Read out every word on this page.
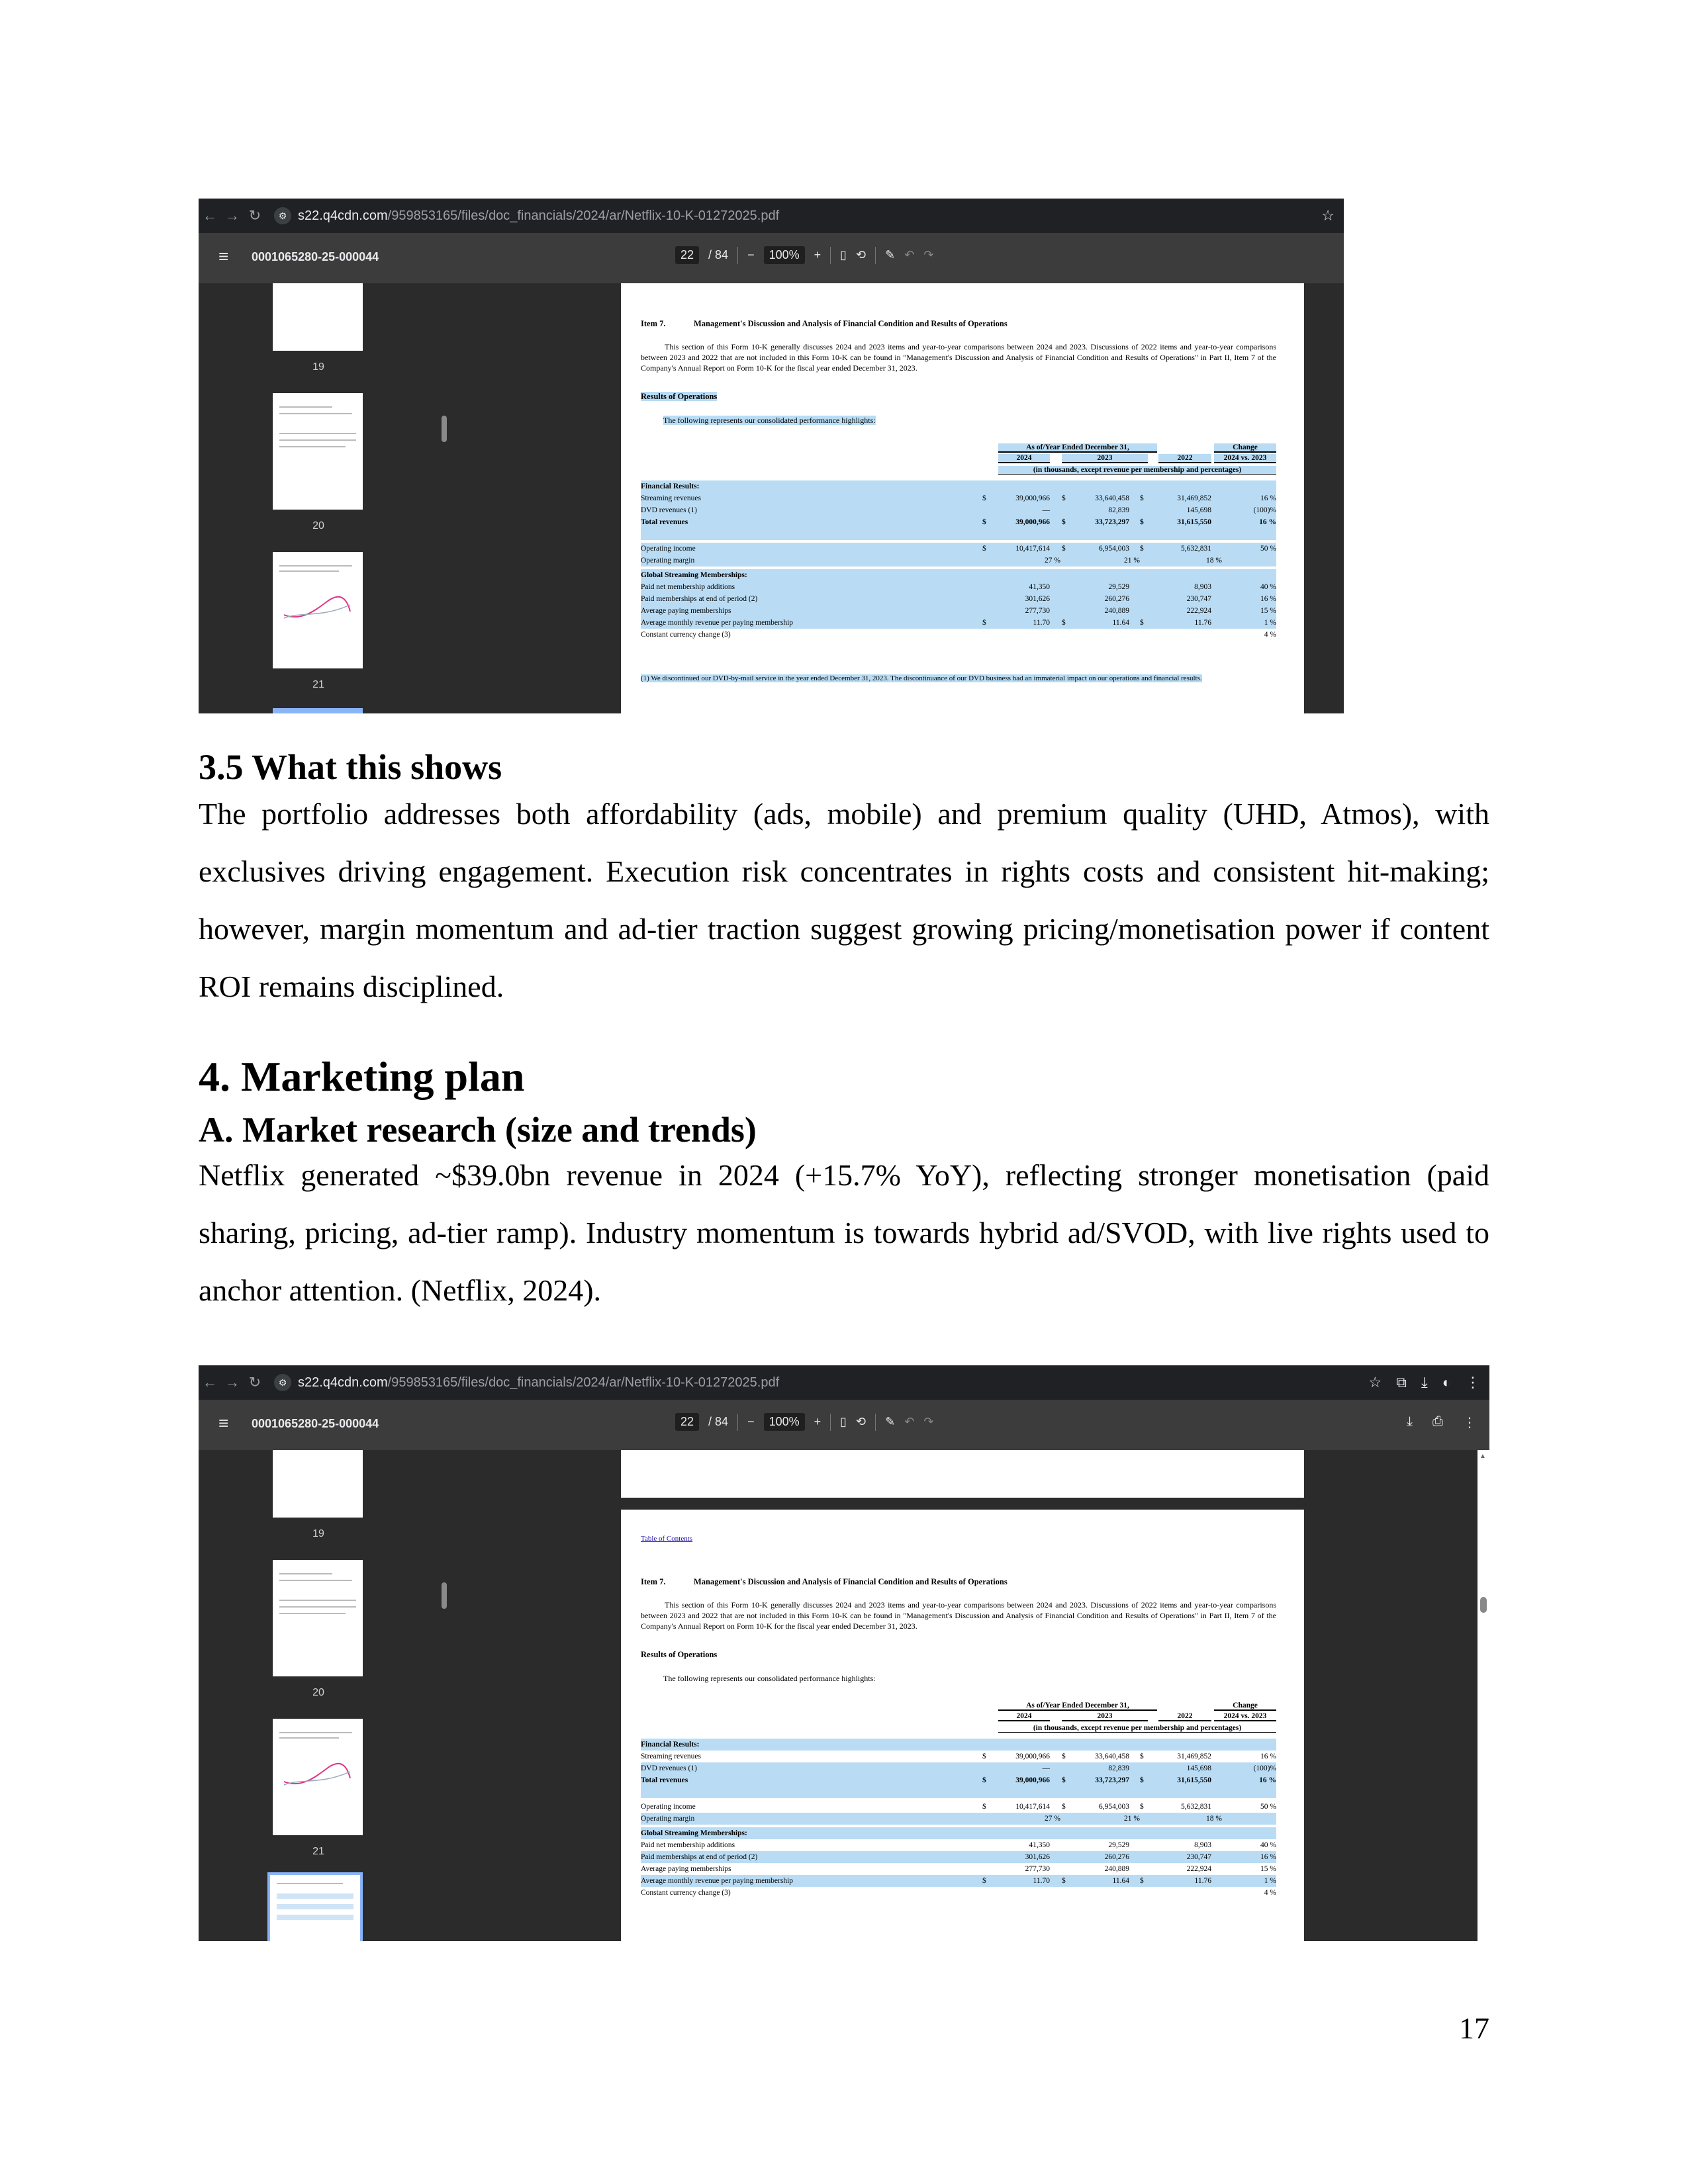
← → ↻	⚙ s22.q4cdn.com /959853165/files/doc_financials/2024/ar/Netflix-10-K-01272025.pdf	☆
≡ 0001065280-25-000044	22	/ 84 −	100%	+ ▯ ⟲ ✎ ↶ ↷
19
20
21
Item 7.	Management's Discussion and Analysis of Financial Condition and Results of Operations
This section of this Form 10-K generally discusses 2024 and 2023 items and year-to-year comparisons between 2024 and 2023. Discussions of 2022 items and year-to-year comparisons between 2023 and 2022 that are not included in this Form 10-K can be found in "Management's Discussion and Analysis of Financial Condition and Results of Operations" in Part II, Item 7 of the Company's Annual Report on Form 10-K for the fiscal year ended December 31, 2023.
Results of Operations
The following represents our consolidated performance highlights:
As of/Year Ended December 31,	Change
2024	2023	2022	2024 vs. 2023
(in thousands, except revenue per membership and percentages)
Financial Results:
Streaming revenues	$	39,000,966 $	33,640,458 $	31,469,852	16 %
DVD revenues (1)	—	82,839	145,698	(100)%
Total revenues	$	39,000,966 $	33,723,297 $	31,615,550	16 %
Operating income	$	10,417,614 $	6,954,003 $	5,632,831	50 %
Operating margin	27 %	21 %	18 %
Global Streaming Memberships:
Paid net membership additions	41,350	29,529	8,903	40 %
Paid memberships at end of period (2)	301,626	260,276	230,747	16 %
Average paying memberships	277,730	240,889	222,924	15 %
Average monthly revenue per paying membership	$	11.70 $	11.64 $	11.76	1 %
Constant currency change (3)	4 %
(1) We discontinued our DVD-by-mail service in the year ended December 31, 2023. The discontinuance of our DVD business had an immaterial impact on our operations and financial results.
3.5 What this shows
The portfolio addresses both affordability (ads, mobile) and premium quality (UHD, Atmos), with exclusives driving engagement. Execution risk concentrates in rights costs and consistent hit-making; however, margin momentum and ad-tier traction suggest growing pricing/monetisation power if content ROI remains disciplined.
4. Marketing plan
A. Market research (size and trends)
Netflix generated ~$39.0bn revenue in 2024 (+15.7% YoY), reflecting stronger monetisation (paid sharing, pricing, ad-tier ramp). Industry momentum is towards hybrid ad/SVOD, with live rights used to anchor attention. (Netflix, 2024).
← → ↻	⚙ s22.q4cdn.com /959853165/files/doc_financials/2024/ar/Netflix-10-K-01272025.pdf	☆ ⧉ ⤓ ◐ ⋮
≡ 0001065280-25-000044	22	/ 84 −	100%	+ ▯ ⟲ ✎ ↶ ↷	⤓ ⎙ ⋮
19
20
21
Table of Contents
Item 7.	Management's Discussion and Analysis of Financial Condition and Results of Operations
This section of this Form 10-K generally discusses 2024 and 2023 items and year-to-year comparisons between 2024 and 2023. Discussions of 2022 items and year-to-year comparisons between 2023 and 2022 that are not included in this Form 10-K can be found in "Management's Discussion and Analysis of Financial Condition and Results of Operations" in Part II, Item 7 of the Company's Annual Report on Form 10-K for the fiscal year ended December 31, 2023.
Results of Operations
The following represents our consolidated performance highlights:
As of/Year Ended December 31,	Change
2024	2023	2022	2024 vs. 2023
(in thousands, except revenue per membership and percentages)
Financial Results:
Streaming revenues	$	39,000,966 $	33,640,458 $	31,469,852	16 %
DVD revenues (1)	—	82,839	145,698	(100)%
Total revenues	$	39,000,966 $	33,723,297 $	31,615,550	16 %
Operating income	$	10,417,614 $	6,954,003 $	5,632,831	50 %
Operating margin	27 %	21 %	18 %
Global Streaming Memberships:
Paid net membership additions	41,350	29,529	8,903	40 %
Paid memberships at end of period (2)	301,626	260,276	230,747	16 %
Average paying memberships	277,730	240,889	222,924	15 %
Average monthly revenue per paying membership	$	11.70 $	11.64 $	11.76	1 %
Constant currency change (3)	4 %
▲
17
